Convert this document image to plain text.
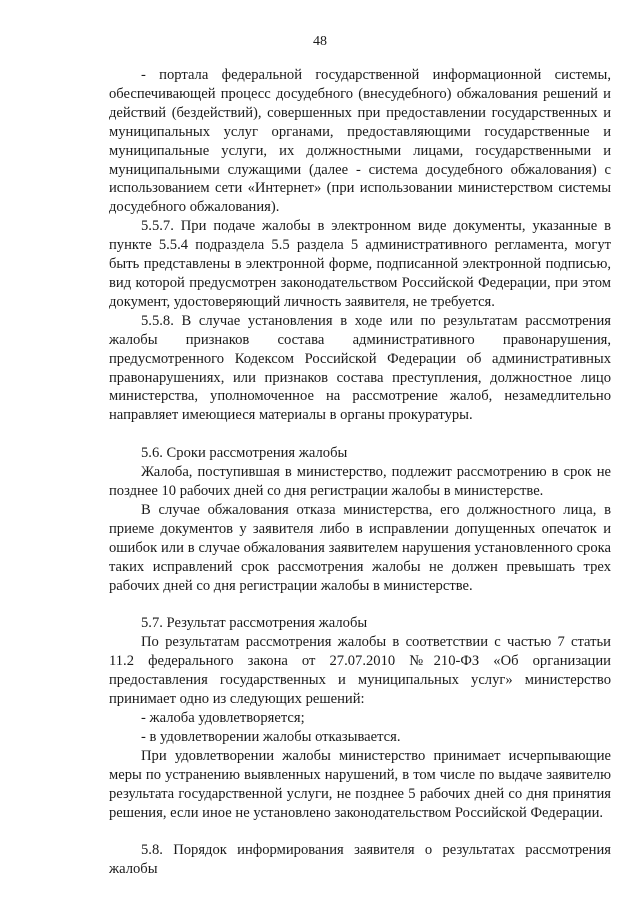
48

- портала федеральной государственной информационной системы, обеспечивающей процесс досудебного (внесудебного) обжалования решений и действий (бездействий), совершенных при предоставлении государственных и муниципальных услуг органами, предоставляющими государственные и муниципальные услуги, их должностными лицами, государственными и муниципальными служащими (далее - система досудебного обжалования) с использованием сети «Интернет» (при использовании министерством системы досудебного обжалования).

5.5.7. При подаче жалобы в электронном виде документы, указанные в пункте 5.5.4 подраздела 5.5 раздела 5 административного регламента, могут быть представлены в электронной форме, подписанной электронной подписью, вид которой предусмотрен законодательством Российской Федерации, при этом документ, удостоверяющий личность заявителя, не требуется.

5.5.8. В случае установления в ходе или по результатам рассмотрения жалобы признаков состава административного правонарушения, предусмотренного Кодексом Российской Федерации об административных правонарушениях, или признаков состава преступления, должностное лицо министерства, уполномоченное на рассмотрение жалоб, незамедлительно направляет имеющиеся материалы в органы прокуратуры.

5.6. Сроки рассмотрения жалобы

Жалоба, поступившая в министерство, подлежит рассмотрению в срок не позднее 10 рабочих дней со дня регистрации жалобы в министерстве.

В случае обжалования отказа министерства, его должностного лица, в приеме документов у заявителя либо в исправлении допущенных опечаток и ошибок или в случае обжалования заявителем нарушения установленного срока таких исправлений срок рассмотрения жалобы не должен превышать трех рабочих дней со дня регистрации жалобы в министерстве.

5.7. Результат рассмотрения жалобы

По результатам рассмотрения жалобы в соответствии с частью 7 статьи 11.2 федерального закона от 27.07.2010 №210-ФЗ «Об организации предоставления государственных и муниципальных услуг» министерство принимает одно из следующих решений:

- жалоба удовлетворяется;

- в удовлетворении жалобы отказывается.

При удовлетворении жалобы министерство принимает исчерпывающие меры по устранению выявленных нарушений, в том числе по выдаче заявителю результата государственной услуги, не позднее 5 рабочих дней со дня принятия решения, если иное не установлено законодательством Российской Федерации.

5.8. Порядок информирования заявителя о результатах рассмотрения жалобы
